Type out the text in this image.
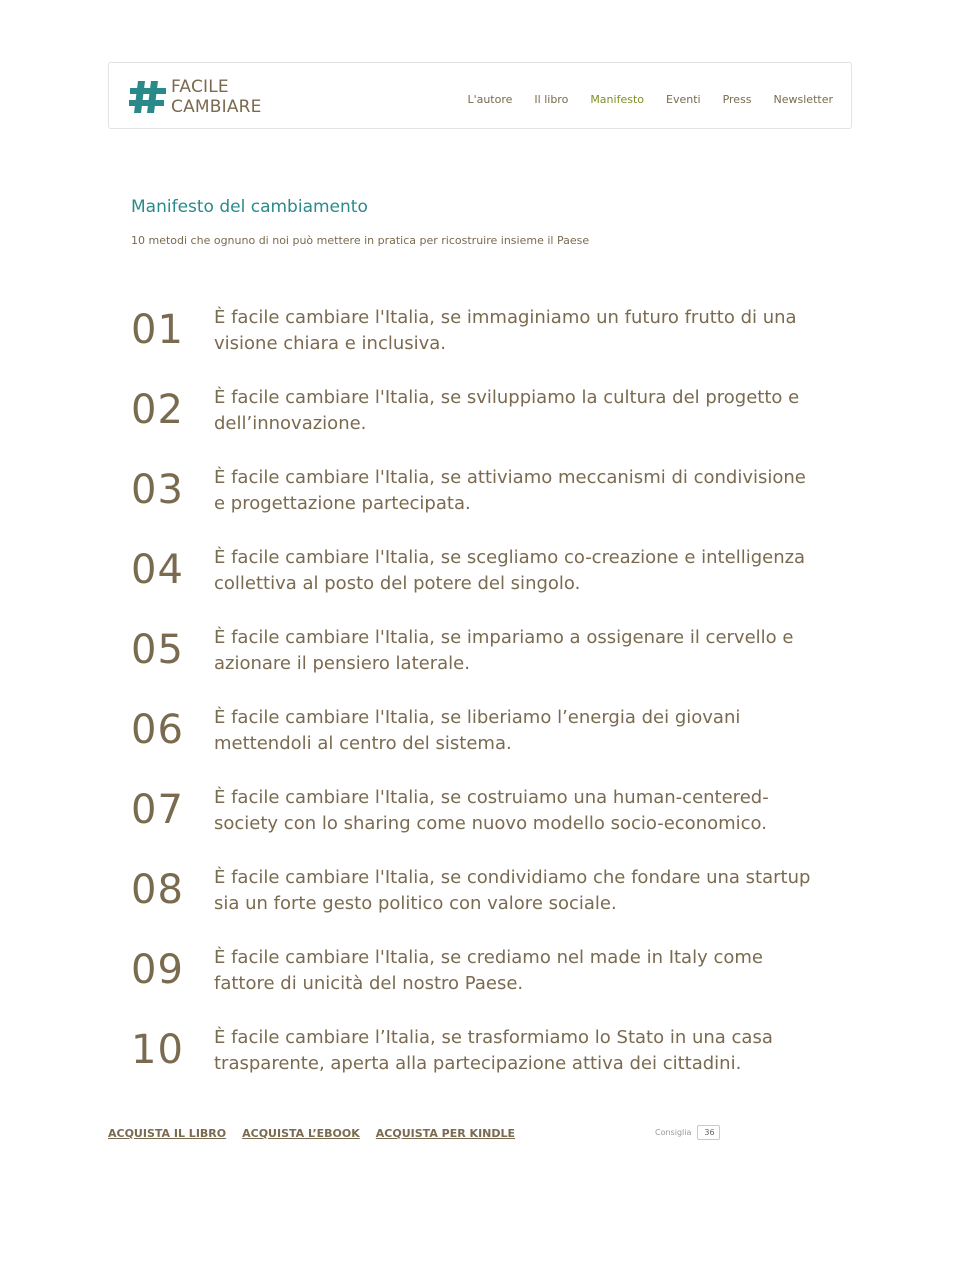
FACILE
CAMBIARE	L'autore Il libro Manifesto Eventi Press Newsletter
Manifesto del cambiamento

10 metodi che ognuno di noi può mettere in pratica per ricostruire insieme il Paese

01 È facile cambiare l'Italia, se immaginiamo un futuro frutto di una visione chiara e inclusiva.
02 È facile cambiare l'Italia, se sviluppiamo la cultura del progetto e dell’innovazione.
03 È facile cambiare l'Italia, se attiviamo meccanismi di condivisione e progettazione partecipata.
04 È facile cambiare l'Italia, se scegliamo co-creazione e intelligenza collettiva al posto del potere del singolo.
05 È facile cambiare l'Italia, se impariamo a ossigenare il cervello e azionare il pensiero laterale.
06 È facile cambiare l'Italia, se liberiamo l’energia dei giovani mettendoli al centro del sistema.
07 È facile cambiare l'Italia, se costruiamo una human-centered-society con lo sharing come nuovo modello socio-economico.
08 È facile cambiare l'Italia, se condividiamo che fondare una startup sia un forte gesto politico con valore sociale.
09 È facile cambiare l'Italia, se crediamo nel made in Italy come fattore di unicità del nostro Paese.
10 È facile cambiare l’Italia, se trasformiamo lo Stato in una casa trasparente, aperta alla partecipazione attiva dei cittadini.
ACQUISTA IL LIBRO ACQUISTA L’EBOOK ACQUISTA PER KINDLE	Consiglia	36
